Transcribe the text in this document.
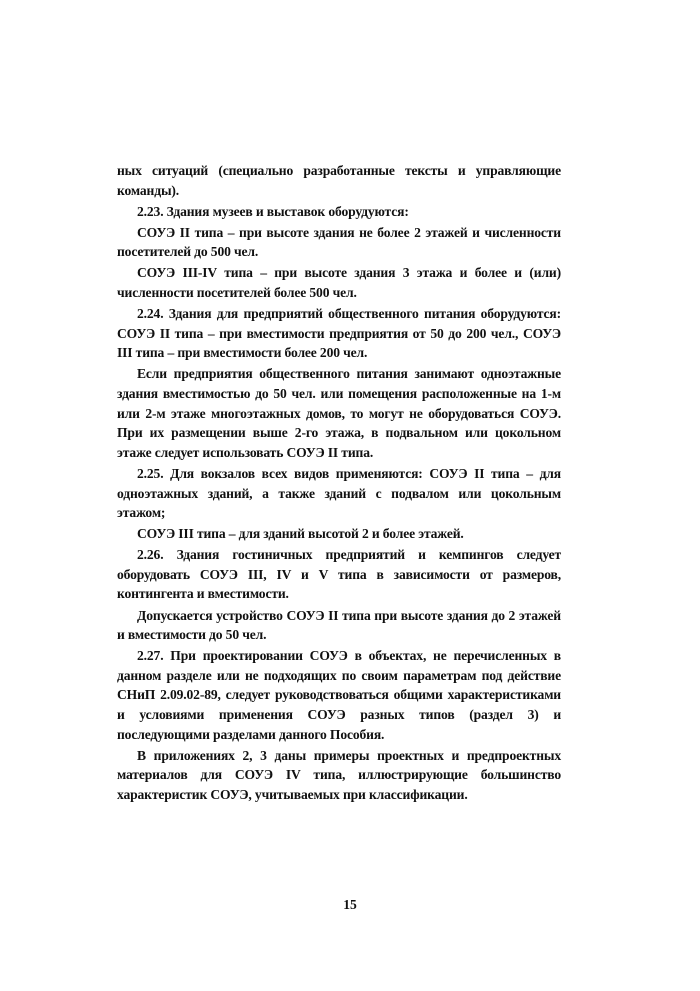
ных ситуаций (специально разработанные тексты и управляющие команды).

2.23. Здания музеев и выставок оборудуются:

СОУЭ II типа – при высоте здания не более 2 этажей и численности посетителей до 500 чел.

СОУЭ III-IV типа – при высоте здания 3 этажа и более и (или) численности посетителей более 500 чел.

2.24. Здания для предприятий общественного питания оборудуются: СОУЭ II типа – при вместимости предприятия от 50 до 200 чел., СОУЭ III типа – при вместимости более 200 чел.

Если предприятия общественного питания занимают одноэтажные здания вместимостью до 50 чел. или помещения расположенные на 1-м или 2-м этаже многоэтажных домов, то могут не оборудоваться СОУЭ. При их размещении выше 2-го этажа, в подвальном или цокольном этаже следует использовать СОУЭ II типа.

2.25. Для вокзалов всех видов применяются: СОУЭ II типа – для одноэтажных зданий, а также зданий с подвалом или цокольным этажом;

СОУЭ III типа – для зданий высотой 2 и более этажей.

2.26. Здания гостиничных предприятий и кемпингов следует оборудовать СОУЭ III, IV и V типа в зависимости от размеров, контингента и вместимости.

Допускается устройство СОУЭ II типа при высоте здания до 2 этажей и вместимости до 50 чел.

2.27. При проектировании СОУЭ в объектах, не перечисленных в данном разделе или не подходящих по своим параметрам под действие СНиП 2.09.02-89, следует руководствоваться общими характеристиками и условиями применения СОУЭ разных типов (раздел 3) и последующими разделами данного Пособия.

В приложениях 2, 3 даны примеры проектных и предпроектных материалов для СОУЭ IV типа, иллюстрирующие большинство характеристик СОУЭ, учитываемых при классификации.

15
